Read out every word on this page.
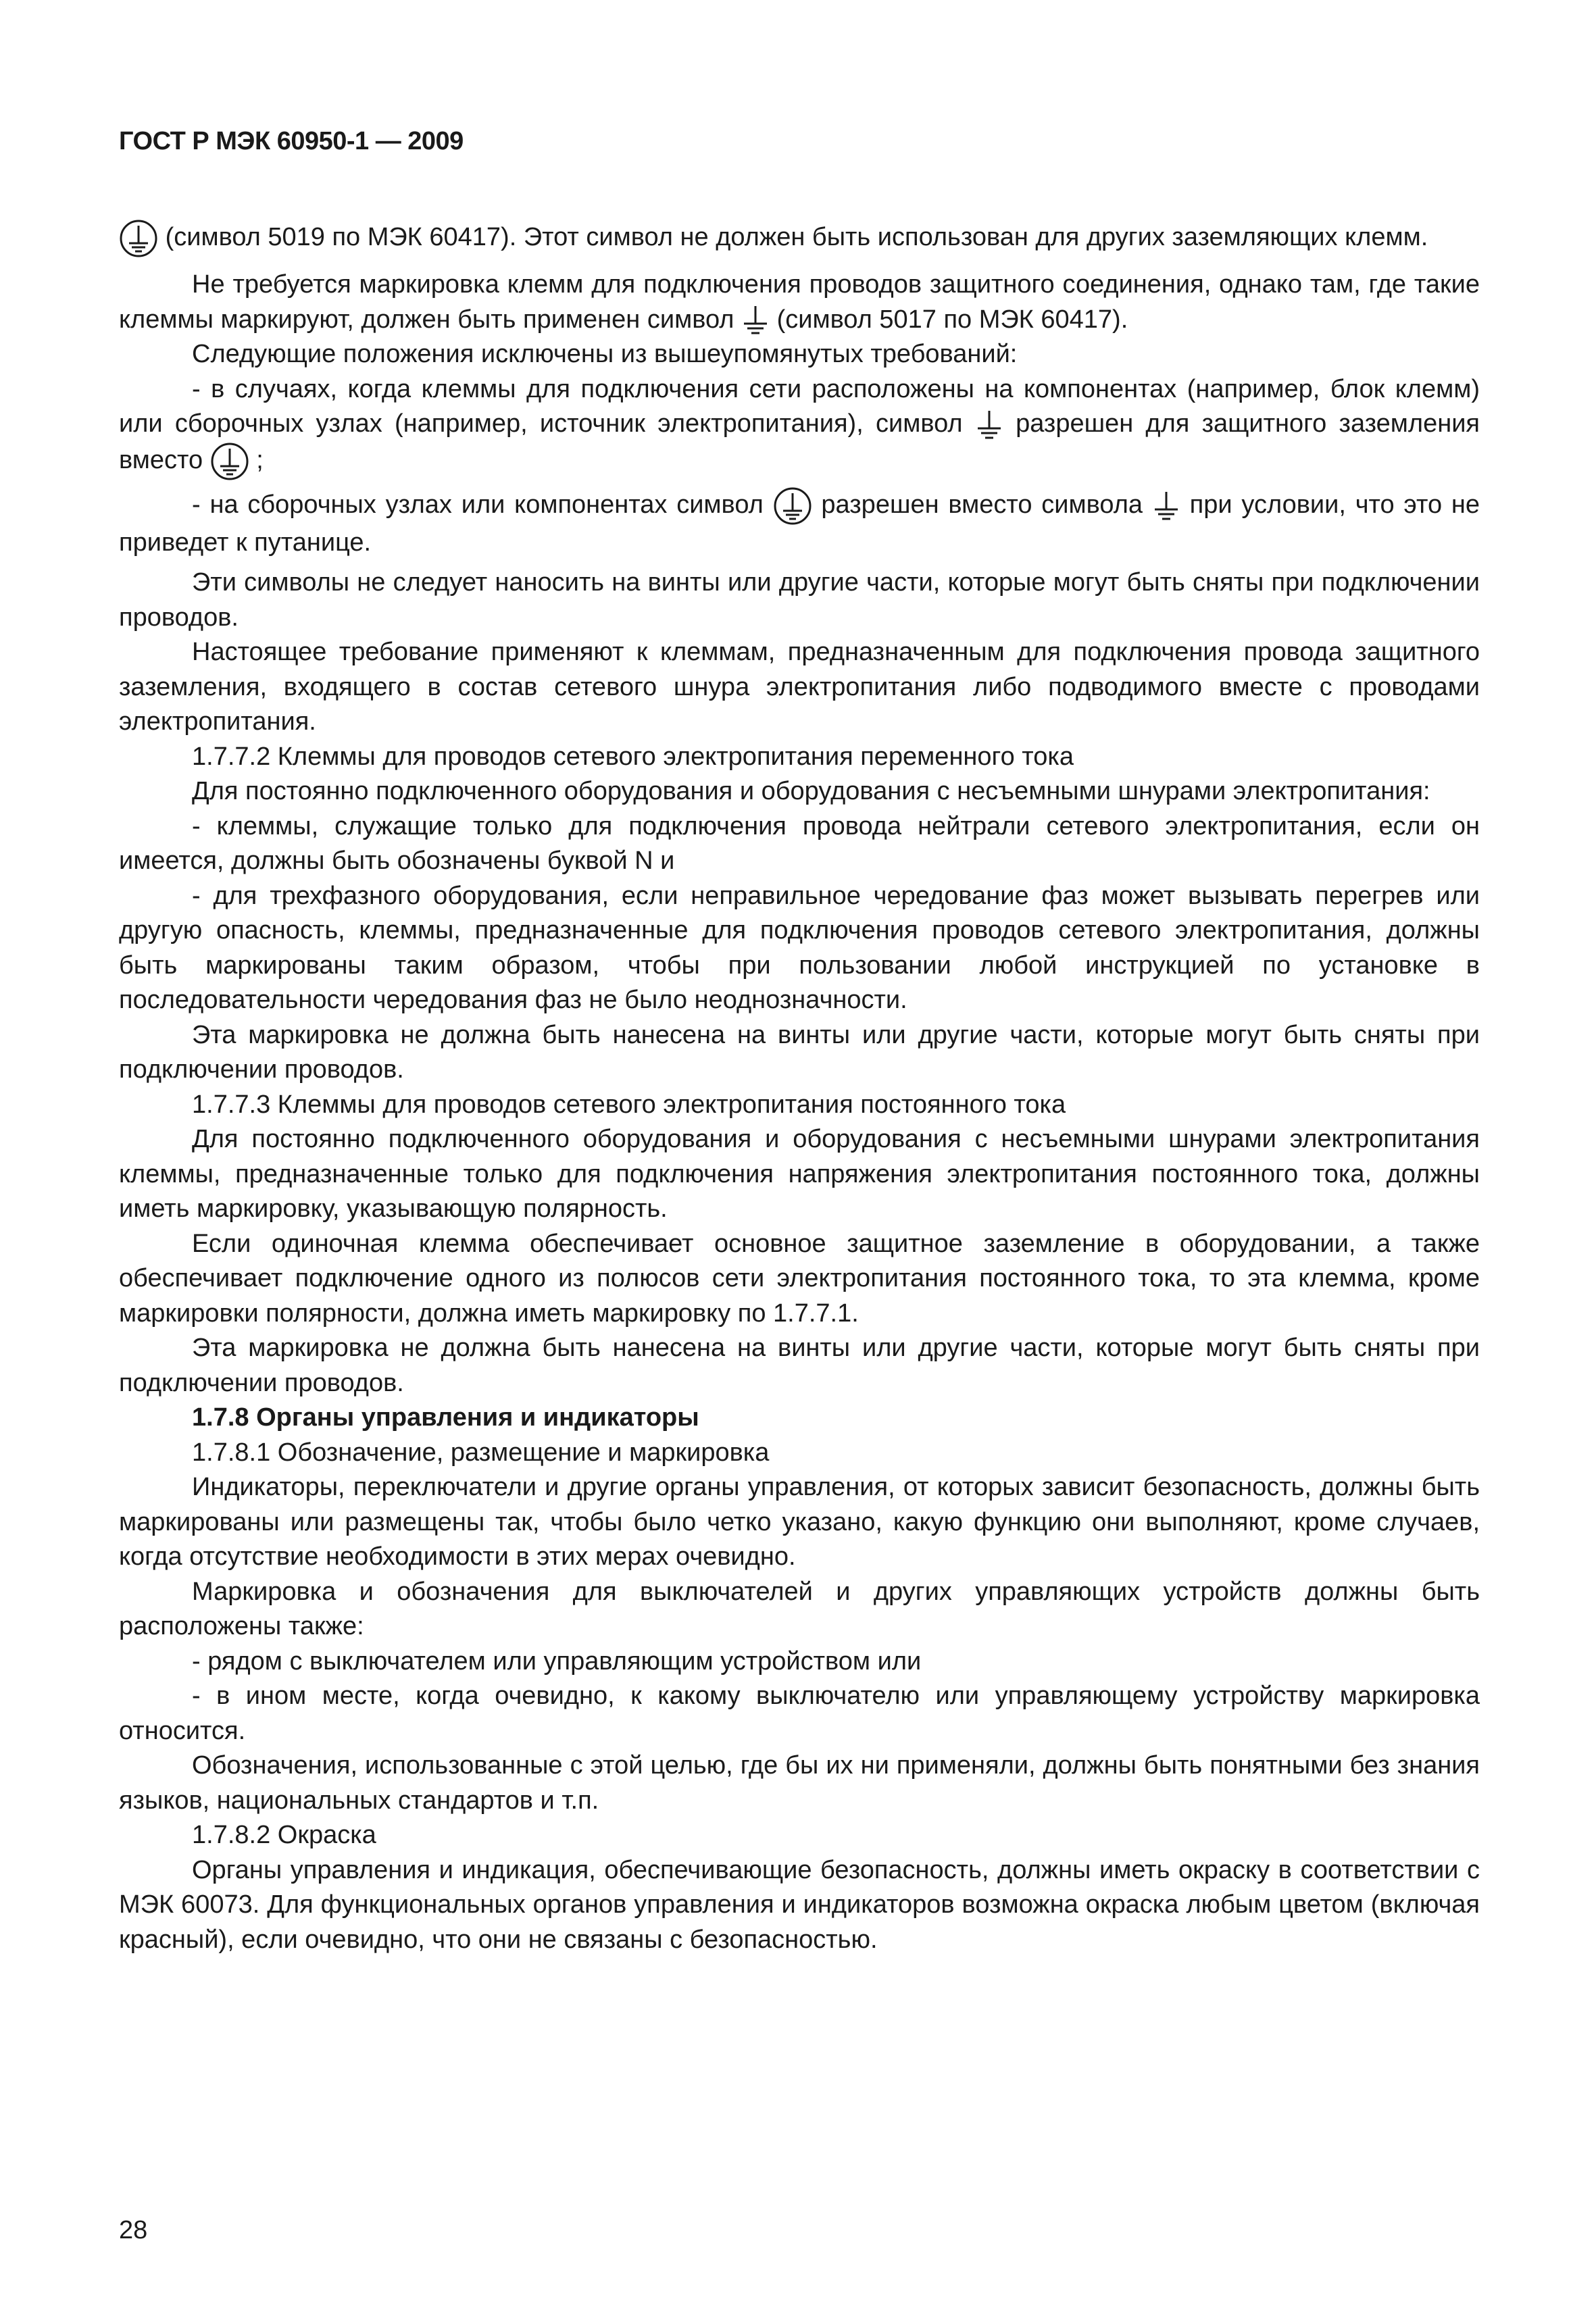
ГОСТ Р МЭК 60950-1 — 2009

(символ 5019 по МЭК 60417). Этот символ не должен быть использован для других заземляющих клемм.

Не требуется маркировка клемм для подключения проводов защитного соединения, однако там, где такие клеммы маркируют, должен быть применен символ (символ 5017 по МЭК 60417).

Следующие положения исключены из вышеупомянутых требований:

- в случаях, когда клеммы для подключения сети расположены на компонентах (например, блок клемм) или сборочных узлах (например, источник электропитания), символ разрешен для защитного заземления вместо ;

- на сборочных узлах или компонентах символ разрешен вместо символа при условии, что это не приведет к путанице.

Эти символы не следует наносить на винты или другие части, которые могут быть сняты при подключении проводов.

Настоящее требование применяют к клеммам, предназначенным для подключения провода защитного заземления, входящего в состав сетевого шнура электропитания либо подводимого вместе с проводами электропитания.

1.7.7.2 Клеммы для проводов сетевого электропитания переменного тока

Для постоянно подключенного оборудования и оборудования с несъемными шнурами электропитания:

- клеммы, служащие только для подключения провода нейтрали сетевого электропитания, если он имеется, должны быть обозначены буквой N и

- для трехфазного оборудования, если неправильное чередование фаз может вызывать перегрев или другую опасность, клеммы, предназначенные для подключения проводов сетевого электропитания, должны быть маркированы таким образом, чтобы при пользовании любой инструкцией по установке в последовательности чередования фаз не было неоднозначности.

Эта маркировка не должна быть нанесена на винты или другие части, которые могут быть сняты при подключении проводов.

1.7.7.3 Клеммы для проводов сетевого электропитания постоянного тока

Для постоянно подключенного оборудования и оборудования с несъемными шнурами электропитания клеммы, предназначенные только для подключения напряжения электропитания постоянного тока, должны иметь маркировку, указывающую полярность.

Если одиночная клемма обеспечивает основное защитное заземление в оборудовании, а также обеспечивает подключение одного из полюсов сети электропитания постоянного тока, то эта клемма, кроме маркировки полярности, должна иметь маркировку по 1.7.7.1.

Эта маркировка не должна быть нанесена на винты или другие части, которые могут быть сняты при подключении проводов.

1.7.8 Органы управления и индикаторы

1.7.8.1 Обозначение, размещение и маркировка

Индикаторы, переключатели и другие органы управления, от которых зависит безопасность, должны быть маркированы или размещены так, чтобы было четко указано, какую функцию они выполняют, кроме случаев, когда отсутствие необходимости в этих мерах очевидно.

Маркировка и обозначения для выключателей и других управляющих устройств должны быть расположены также:

- рядом с выключателем или управляющим устройством или

- в ином месте, когда очевидно, к какому выключателю или управляющему устройству маркировка относится.

Обозначения, использованные с этой целью, где бы их ни применяли, должны быть понятными без знания языков, национальных стандартов и т.п.

1.7.8.2 Окраска

Органы управления и индикация, обеспечивающие безопасность, должны иметь окраску в соответствии с МЭК 60073. Для функциональных органов управления и индикаторов возможна окраска любым цветом (включая красный), если очевидно, что они не связаны с безопасностью.

28
